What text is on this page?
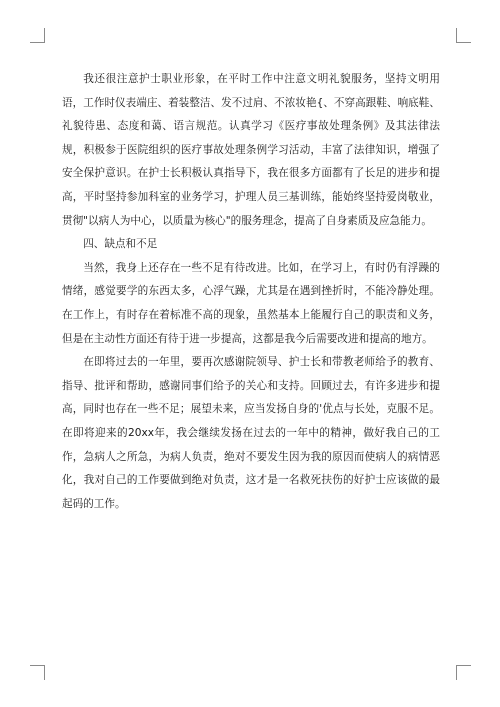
我还很注意护士职业形象，在平时工作中注意文明礼貌服务，坚持文明用语，工作时仪表端庄、着装整洁、发不过肩、不浓妆艳{、不穿高跟鞋、响底鞋、礼貌待患、态度和蔼、语言规范。认真学习《医疗事故处理条例》及其法律法规，积极参于医院组织的医疗事故处理条例学习活动，丰富了法律知识，增强了安全保护意识。在护士长积极认真指导下，我在很多方面都有了长足的进步和提高，平时坚持参加科室的业务学习，护理人员三基训练，能始终坚持爱岗敬业，贯彻"以病人为中心，以质量为核心"的服务理念，提高了自身素质及应急能力。

四、缺点和不足

当然，我身上还存在一些不足有待改进。比如，在学习上，有时仍有浮躁的情绪，感觉要学的东西太多，心浮气躁，尤其是在遇到挫折时，不能冷静处理。在工作上，有时存在着标准不高的现象，虽然基本上能履行自己的职责和义务，但是在主动性方面还有待于进一步提高，这都是我今后需要改进和提高的地方。

在即将过去的一年里，要再次感谢院领导、护士长和带教老师给予的教育、指导、批评和帮助，感谢同事们给予的关心和支持。回顾过去，有许多进步和提高，同时也存在一些不足；展望未来，应当发扬自身的'优点与长处，克服不足。在即将迎来的20xx年，我会继续发扬在过去的一年中的精神，做好我自己的工作，急病人之所急，为病人负责，绝对不要发生因为我的原因而使病人的病情恶化，我对自己的工作要做到绝对负责，这才是一名救死扶伤的好护士应该做的最起码的工作。
